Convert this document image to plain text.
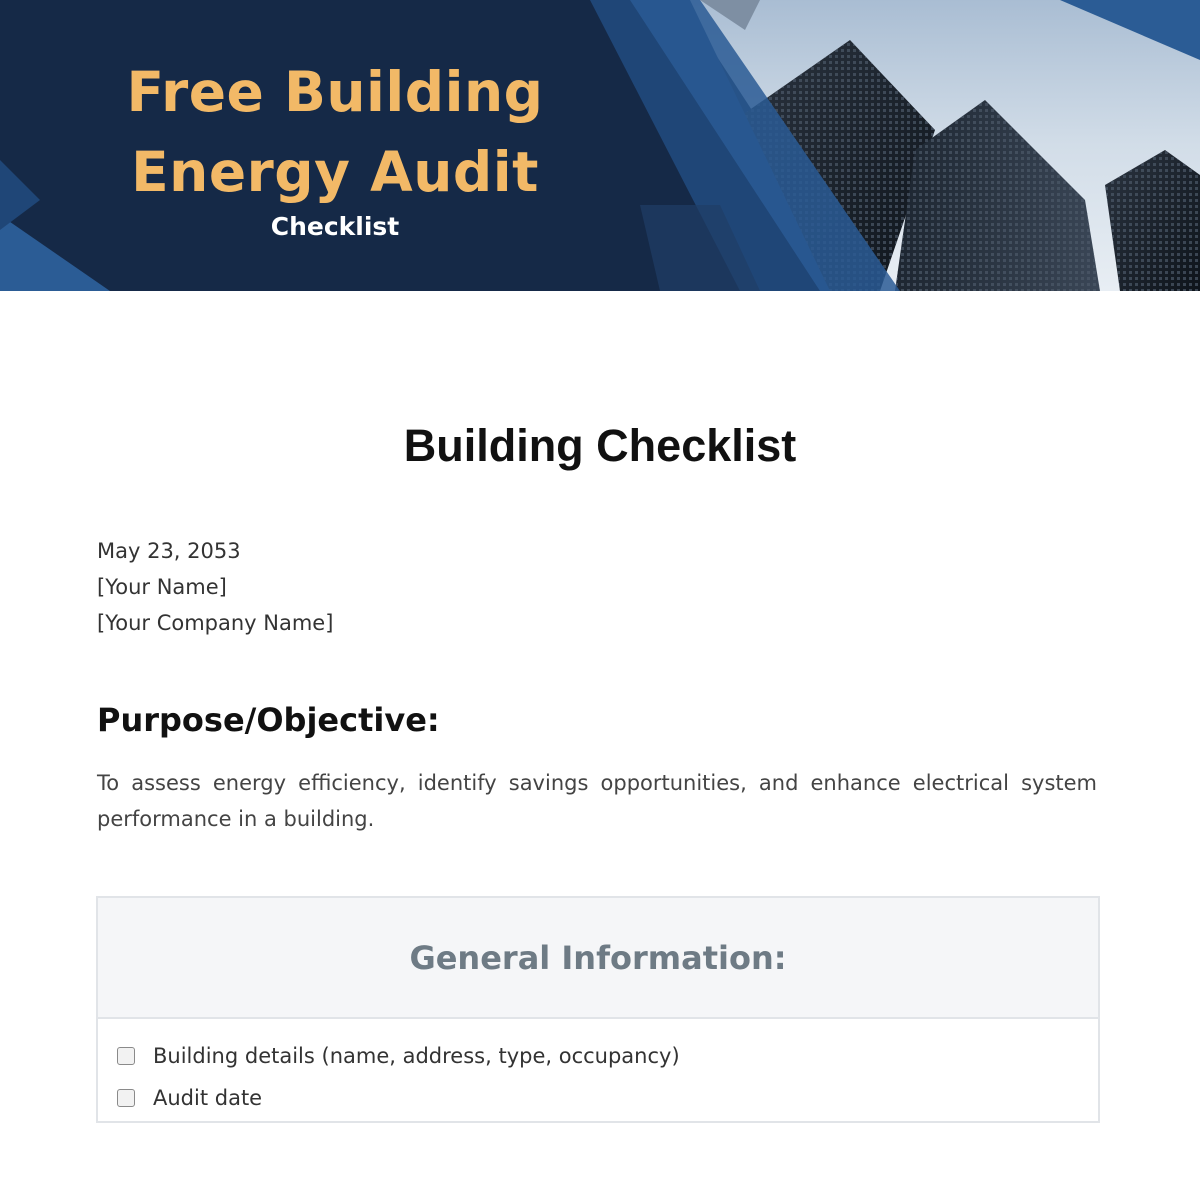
Free Building
Energy Audit
Checklist
Building Checklist
May 23, 2053
[Your Name]
[Your Company Name]
Purpose/Objective:
To assess energy efficiency, identify savings opportunities, and enhance electrical system performance in a building.
General Information:
Building details (name, address, type, occupancy)
Audit date
